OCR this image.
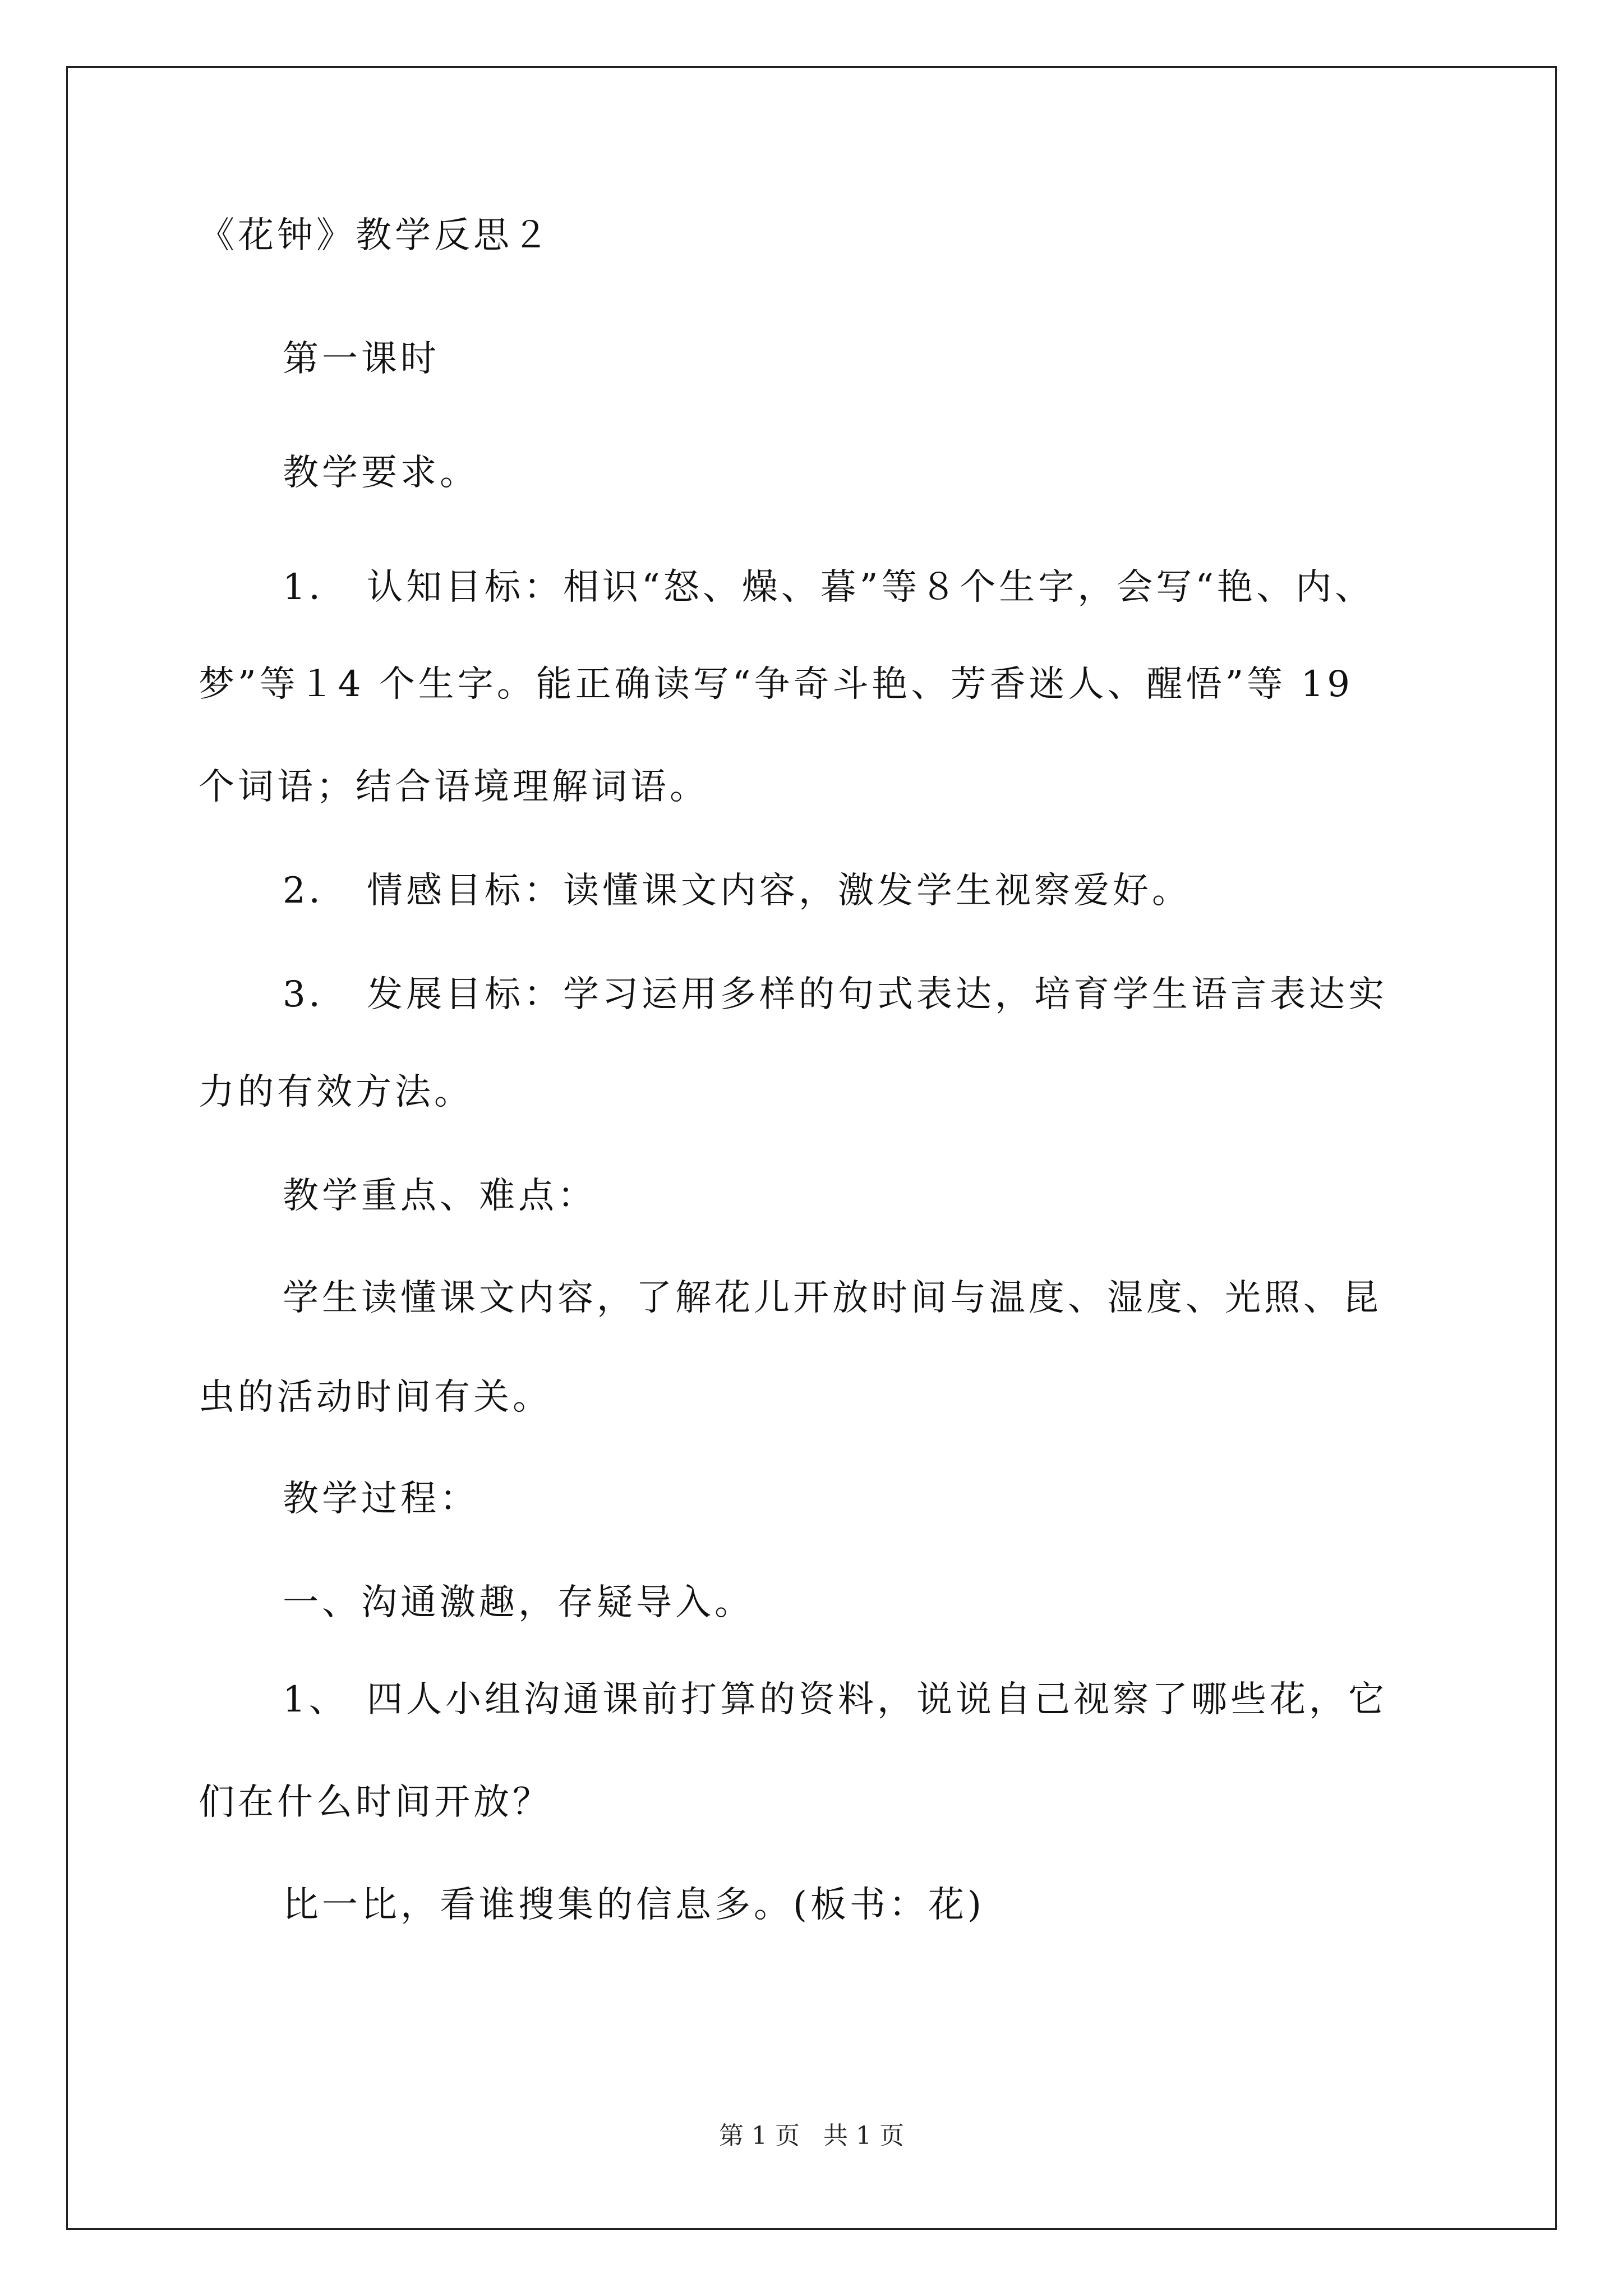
《花钟》教学反思２
第一课时
教学要求。
1． 认知目标：相识“怒、燥、暮”等８个生字，会写“艳、内、
梦”等１4 个生字。能正确读写“争奇斗艳、芳香迷人、醒悟”等 19
个词语；结合语境理解词语。
2． 情感目标：读懂课文内容，激发学生视察爱好。
3． 发展目标：学习运用多样的句式表达，培育学生语言表达实
力的有效方法。
教学重点、难点：
学生读懂课文内容，了解花儿开放时间与温度、湿度、光照、昆
虫的活动时间有关。
教学过程：
一、沟通激趣，存疑导入。
1、 四人小组沟通课前打算的资料，说说自己视察了哪些花，它
们在什么时间开放？
比一比，看谁搜集的信息多。(板书：花)
第 1 页   共 1 页
